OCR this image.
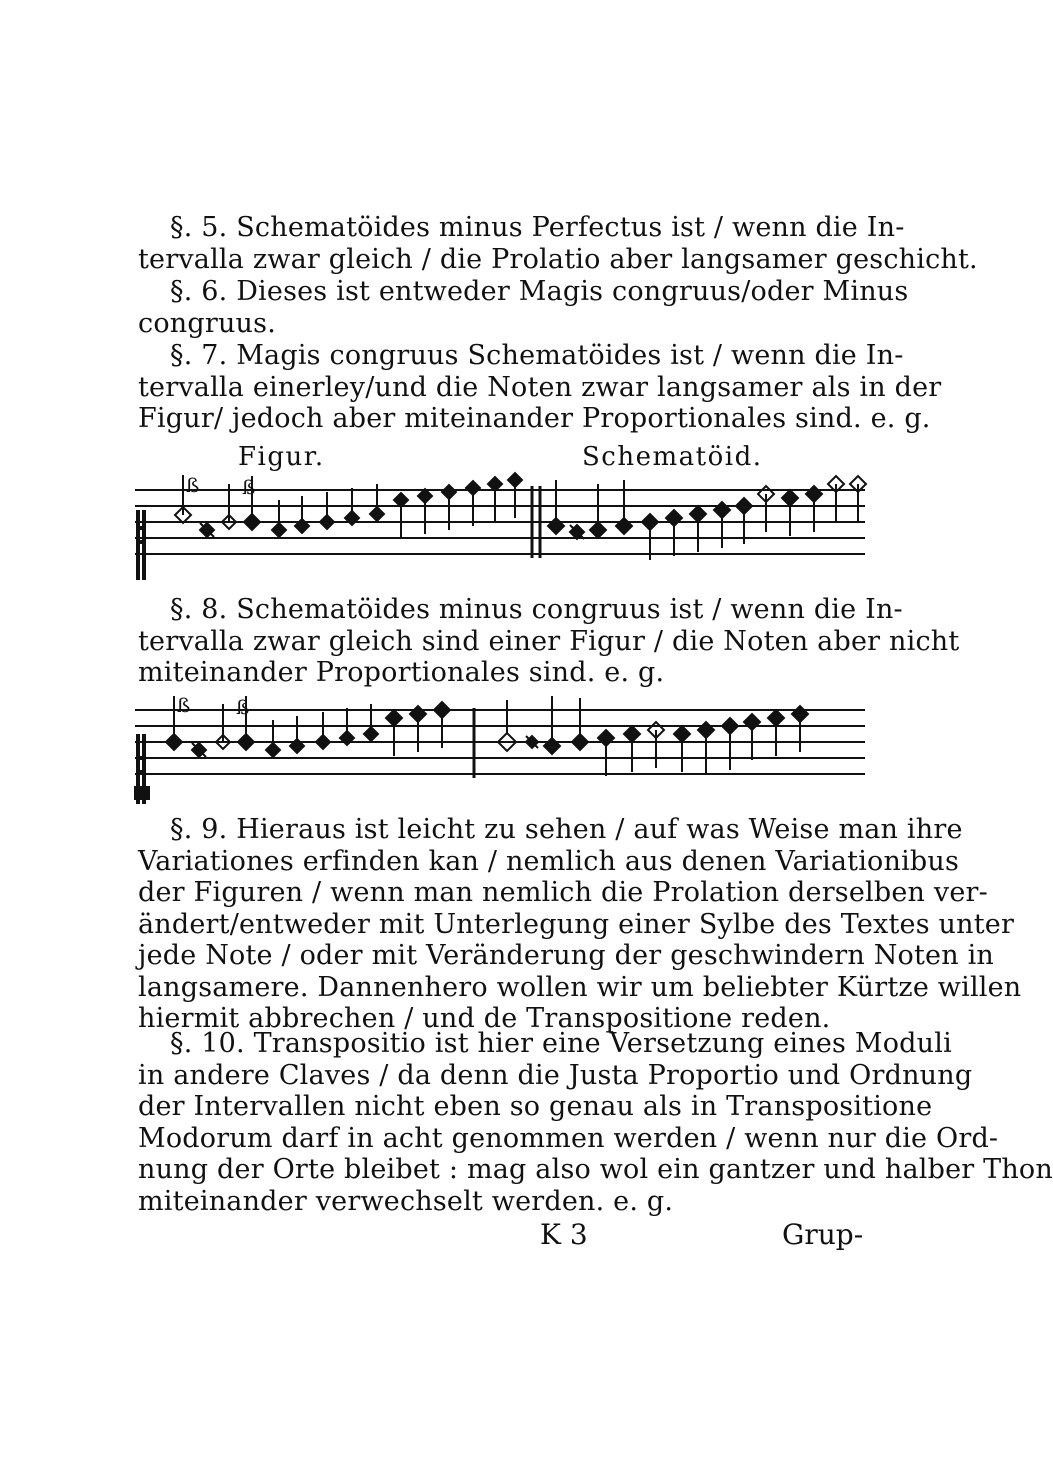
§. 5. Schematöides minus Perfectus ist / wenn die In-
tervalla zwar gleich / die Prolatio aber langsamer geschicht.
§. 6. Dieses ist entweder Magis congruus/oder Minus
congruus.
§. 7. Magis congruus Schematöides ist / wenn die In-
tervalla einerley/und die Noten zwar langsamer als in der
Figur/ jedoch aber miteinander Proportionales sind. e. g.
Figur.	Schematöid.
ß ß
§. 8. Schematöides minus congruus ist / wenn die In-
tervalla zwar gleich sind einer Figur / die Noten aber nicht
miteinander Proportionales sind. e. g.
ß ß
§. 9. Hieraus ist leicht zu sehen / auf was Weise man ihre
Variationes erfinden kan / nemlich aus denen Variationibus
der Figuren / wenn man nemlich die Prolation derselben ver-
ändert/entweder mit Unterlegung einer Sylbe des Textes unter
jede Note / oder mit Veränderung der geschwindern Noten in
langsamere. Dannenhero wollen wir um beliebter Kürtze willen
hiermit abbrechen / und de Transpositione reden.
§. 10. Transpositio ist hier eine Versetzung eines Moduli
in andere Claves / da denn die Justa Proportio und Ordnung
der Intervallen nicht eben so genau als in Transpositione
Modorum darf in acht genommen werden / wenn nur die Ord-
nung der Orte bleibet : mag also wol ein gantzer und halber Thon
miteinander verwechselt werden. e. g.
K 3	Grup-
